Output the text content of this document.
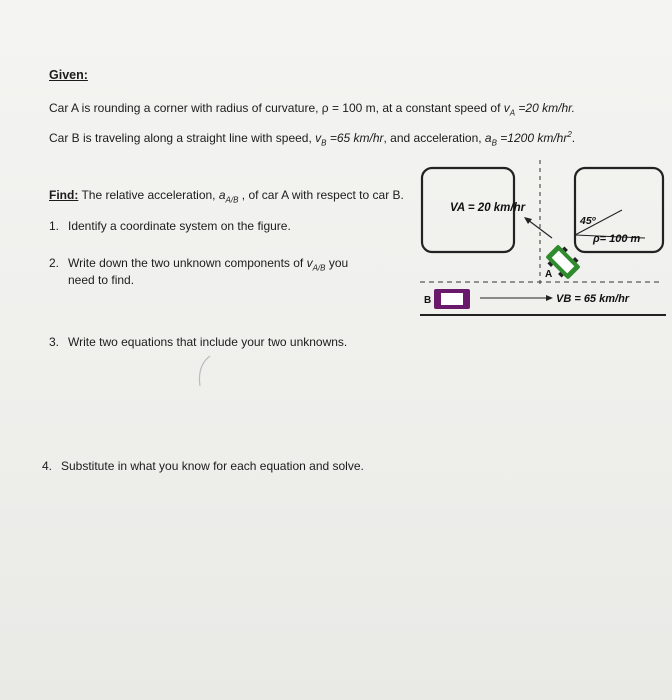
Given:
Car A is rounding a corner with radius of curvature, ρ = 100 m, at a constant speed of $v_A =20$ km/hr.
Car B is traveling along a straight line with speed, $v_B =65$ km/hr, and acceleration, $a_B =1200$ $km/hr^2$.
Find: The relative acceleration, $a_{A/B}$ , of car A with respect to car B.
1. Identify a coordinate system on the figure.
2. Write down the two unknown components of $v_{A/B}$ you
need to find.
3. Write two equations that include your two unknowns.
4. Substitute in what you know for each equation and solve.
VA = 20 km/hr
45º
ρ= 100 m
A
B	VB = 65 km/hr
